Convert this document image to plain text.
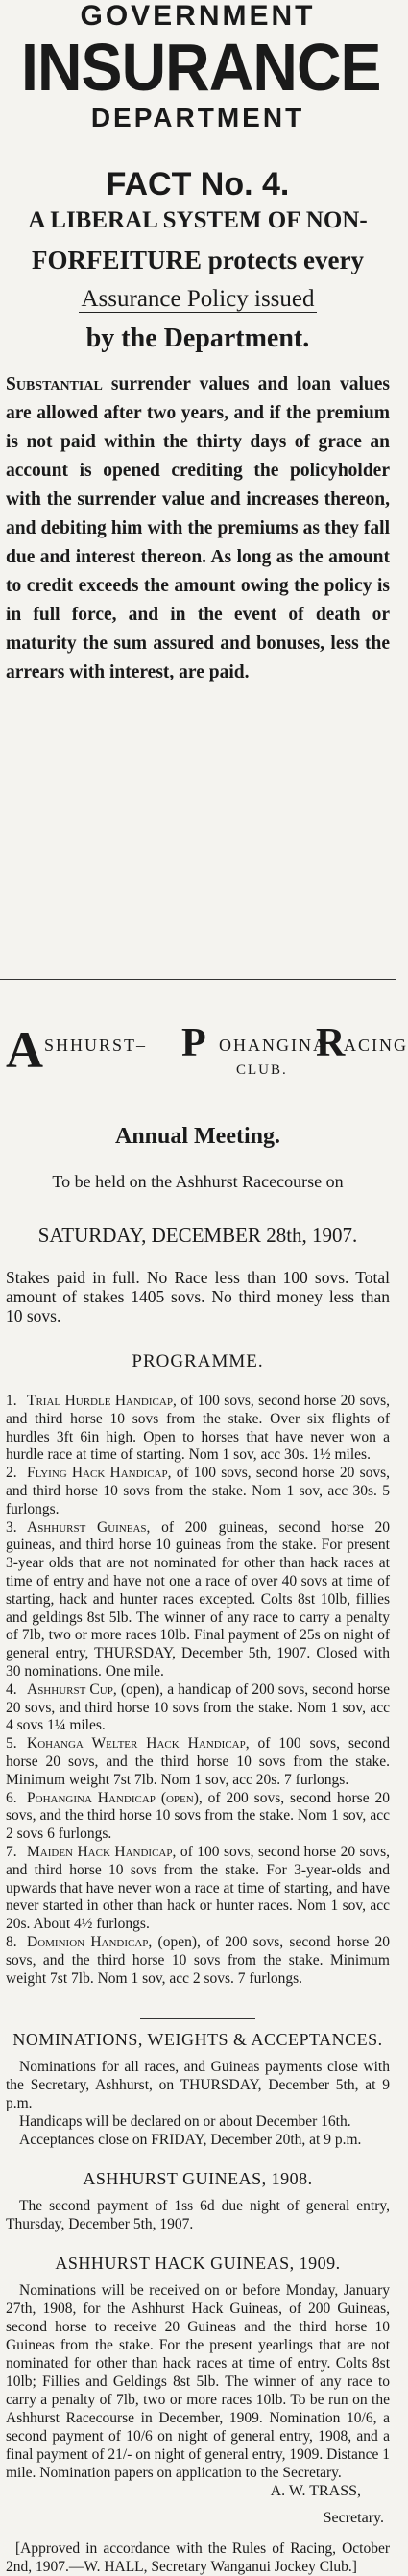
GOVERNMENT
INSURANCE
DEPARTMENT
FACT No. 4.
A LIBERAL SYSTEM OF NON-
FORFEITURE protects every
Assurance Policy issued
by the Department.
Substantial surrender values and loan values are allowed after two years, and if the premium is not paid within the thirty days of grace an account is opened crediting the policyholder with the surrender value and increases thereon, and debiting him with the premiums as they fall due and interest thereon. As long as the amount to credit exceeds the amount owing the policy is in full force, and in the event of death or maturity the sum assured and bonuses, less the arrears with interest, are paid.
A SHHURST– P OHANGINA
R
ACING
CLUB.
Annual Meeting.
To be held on the Ashhurst Racecourse on
SATURDAY, DECEMBER 28th, 1907.
Stakes paid in full. No Race less than 100 sovs. Total amount of stakes 1405 sovs. No third money less than 10 sovs.
PROGRAMME.
1. Trial Hurdle Handicap, of 100 sovs, second horse 20 sovs, and third horse 10 sovs from the stake. Over six flights of hurdles 3ft 6in high. Open to horses that have never won a hurdle race at time of starting. Nom 1 sov, acc 30s. 1½ miles.
2. Flying Hack Handicap, of 100 sovs, second horse 20 sovs, and third horse 10 sovs from the stake. Nom 1 sov, acc 30s. 5 furlongs.
3. Ashhurst Guineas, of 200 guineas, second horse 20 guineas, and third horse 10 guineas from the stake. For present 3-year olds that are not nominated for other than hack races at time of entry and have not one a race of over 40 sovs at time of starting, hack and hunter races excepted. Colts 8st 10lb, fillies and geldings 8st 5lb. The winner of any race to carry a penalty of 7lb, two or more races 10lb. Final payment of 25s on night of general entry, THURSDAY, December 5th, 1907. Closed with 30 nominations. One mile.
4. Ashhurst Cup, (open), a handicap of 200 sovs, second horse 20 sovs, and third horse 10 sovs from the stake. Nom 1 sov, acc 4 sovs 1¼ miles.
5. Kohanga Welter Hack Handicap, of 100 sovs, second horse 20 sovs, and the third horse 10 sovs from the stake. Minimum weight 7st 7lb. Nom 1 sov, acc 20s. 7 furlongs.
6. Pohangina Handicap (open), of 200 sovs, second horse 20 sovs, and the third horse 10 sovs from the stake. Nom 1 sov, acc 2 sovs 6 furlongs.
7. Maiden Hack Handicap, of 100 sovs, second horse 20 sovs, and third horse 10 sovs from the stake. For 3-year-olds and upwards that have never won a race at time of starting, and have never started in other than hack or hunter races. Nom 1 sov, acc 20s. About 4½ furlongs.
8. Dominion Handicap, (open), of 200 sovs, second horse 20 sovs, and the third horse 10 sovs from the stake. Minimum weight 7st 7lb. Nom 1 sov, acc 2 sovs. 7 furlongs.
NOMINATIONS, WEIGHTS & ACCEPTANCES.
Nominations for all races, and Guineas payments close with the Secretary, Ashhurst, on THURSDAY, December 5th, at 9 p.m.
Handicaps will be declared on or about December 16th.
Acceptances close on FRIDAY, December 20th, at 9 p.m.
ASHHURST GUINEAS, 1908.
The second payment of 1ss 6d due night of general entry, Thursday, December 5th, 1907.
ASHHURST HACK GUINEAS, 1909.
Nominations will be received on or before Monday, January 27th, 1908, for the Ashhurst Hack Guineas, of 200 Guineas, second horse to receive 20 Guineas and the third horse 10 Guineas from the stake. For the present yearlings that are not nominated for other than hack races at time of entry. Colts 8st 10lb; Fillies and Geldings 8st 5lb. The winner of any race to carry a penalty of 7lb, two or more races 10lb. To be run on the Ashhurst Racecourse in December, 1909. Nomination 10/6, a second payment of 10/6 on night of general entry, 1908, and a final payment of 21/- on night of general entry, 1909. Distance 1 mile. Nomination papers on application to the Secretary.
A. W. TRASS,
Secretary.
[Approved in accordance with the Rules of Racing, October 2nd, 1907.—W. HALL, Secretary Wanganui Jockey Club.]
